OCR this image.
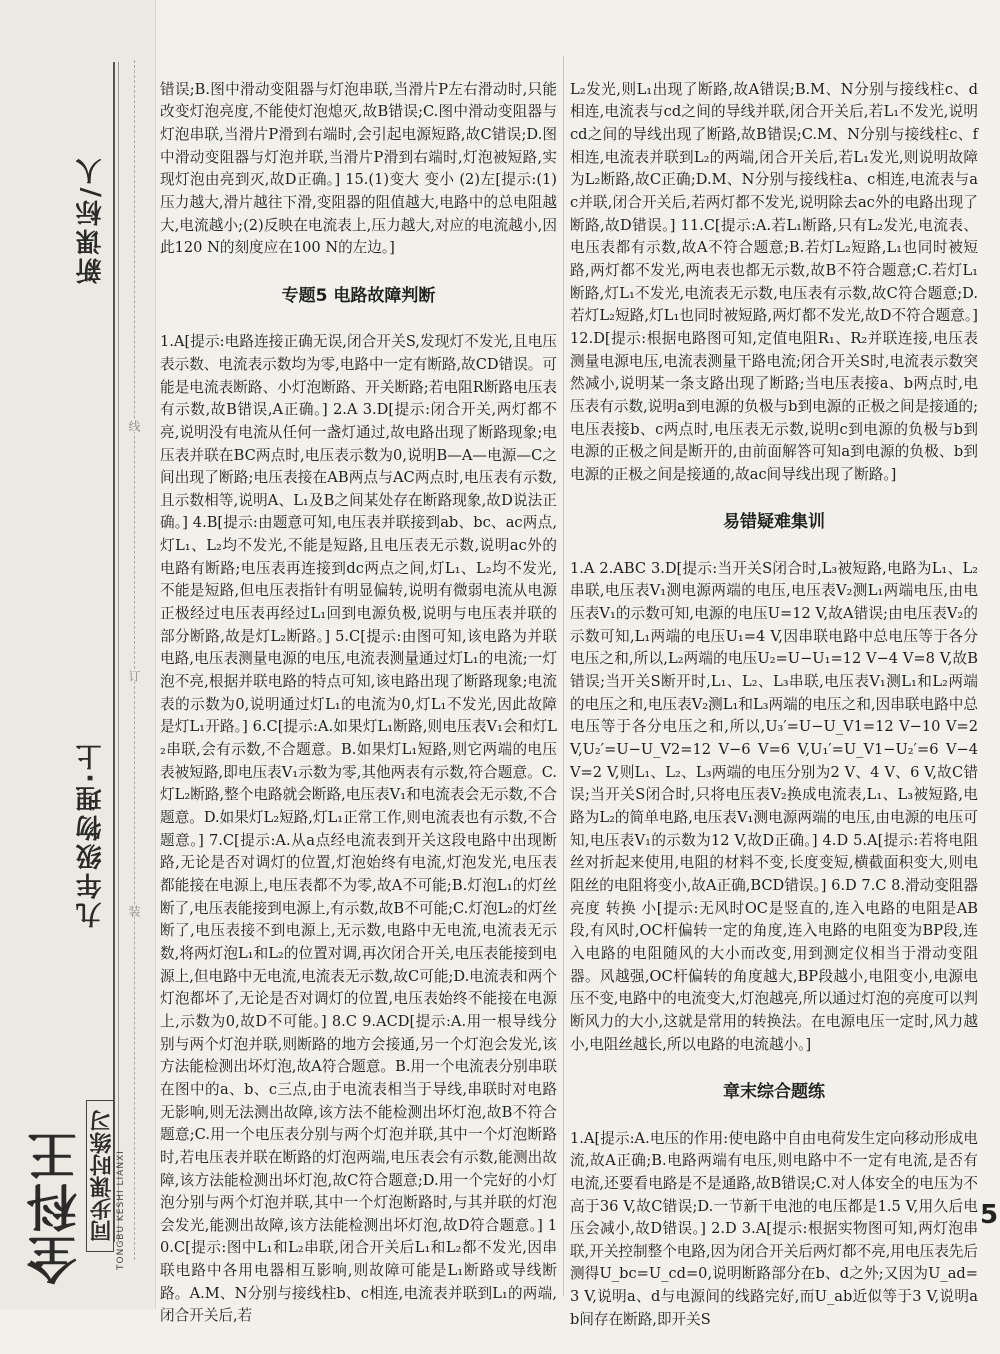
新课标/人
九年级物理·上 装
订
线
全科王 同步课时练习 TONGBU KESHI LIANXI

错误;B.图中滑动变阻器与灯泡串联,当滑片P左右滑动时,只能改变灯泡亮度,不能使灯泡熄灭,故B错误;C.图中滑动变阻器与灯泡串联,当滑片P滑到右端时,会引起电源短路,故C错误;D.图中滑动变阻器与灯泡并联,当滑片P滑到右端时,灯泡被短路,实现灯泡由亮到灭,故D正确。] 15.(1)变大 变小 (2)左[提示:(1)压力越大,滑片越往下滑,变阻器的阻值越大,电路中的总电阻越大,电流越小;(2)反映在电流表上,压力越大,对应的电流越小,因此120 N的刻度应在100 N的左边。]

专题5 电路故障判断

1.A[提示:电路连接正确无误,闭合开关S,发现灯不发光,且电压表示数、电流表示数均为零,电路中一定有断路,故CD错误。可能是电流表断路、小灯泡断路、开关断路;若电阻R断路电压表有示数,故B错误,A正确。] 2.A 3.D[提示:闭合开关,两灯都不亮,说明没有电流从任何一盏灯通过,故电路出现了断路现象;电压表并联在BC两点时,电压表示数为0,说明B—A—电源—C之间出现了断路;电压表接在AB两点与AC两点时,电压表有示数,且示数相等,说明A、L₁及B之间某处存在断路现象,故D说法正确。] 4.B[提示:由题意可知,电压表并联接到ab、bc、ac两点,灯L₁、L₂均不发光,不能是短路,且电压表无示数,说明ac外的电路有断路;电压表再连接到dc两点之间,灯L₁、L₂均不发光,不能是短路,但电压表指针有明显偏转,说明有微弱电流从电源正极经过电压表再经过L₁回到电源负极,说明与电压表并联的部分断路,故是灯L₂断路。] 5.C[提示:由图可知,该电路为并联电路,电压表测量电源的电压,电流表测量通过灯L₁的电流;一灯泡不亮,根据并联电路的特点可知,该电路出现了断路现象;电流表的示数为0,说明通过灯L₁的电流为0,灯L₁不发光,因此故障是灯L₁开路。] 6.C[提示:A.如果灯L₁断路,则电压表V₁会和灯L₂串联,会有示数,不合题意。B.如果灯L₁短路,则它两端的电压表被短路,即电压表V₁示数为零,其他两表有示数,符合题意。C.灯L₂断路,整个电路就会断路,电压表V₁和电流表会无示数,不合题意。D.如果灯L₂短路,灯L₁正常工作,则电流表也有示数,不合题意。] 7.C[提示:A.从a点经电流表到开关这段电路中出现断路,无论是否对调灯的位置,灯泡始终有电流,灯泡发光,电压表都能接在电源上,电压表都不为零,故A不可能;B.灯泡L₁的灯丝断了,电压表能接到电源上,有示数,故B不可能;C.灯泡L₂的灯丝断了,电压表接不到电源上,无示数,电路中无电流,电流表无示数,将两灯泡L₁和L₂的位置对调,再次闭合开关,电压表能接到电源上,但电路中无电流,电流表无示数,故C可能;D.电流表和两个灯泡都坏了,无论是否对调灯的位置,电压表始终不能接在电源上,示数为0,故D不可能。] 8.C 9.ACD[提示:A.用一根导线分别与两个灯泡并联,则断路的地方会接通,另一个灯泡会发光,该方法能检测出坏灯泡,故A符合题意。B.用一个电流表分别串联在图中的a、b、c三点,由于电流表相当于导线,串联时对电路无影响,则无法测出故障,该方法不能检测出坏灯泡,故B不符合题意;C.用一个电压表分别与两个灯泡并联,其中一个灯泡断路时,若电压表并联在断路的灯泡两端,电压表会有示数,能测出故障,该方法能检测出坏灯泡,故C符合题意;D.用一个完好的小灯泡分别与两个灯泡并联,其中一个灯泡断路时,与其并联的灯泡会发光,能测出故障,该方法能检测出坏灯泡,故D符合题意。] 10.C[提示:图中L₁和L₂串联,闭合开关后L₁和L₂都不发光,因串联电路中各用电器相互影响,则故障可能是L₁断路或导线断路。A.M、N分别与接线柱b、c相连,电流表并联到L₁的两端,闭合开关后,若

L₂发光,则L₁出现了断路,故A错误;B.M、N分别与接线柱c、d相连,电流表与cd之间的导线并联,闭合开关后,若L₁不发光,说明cd之间的导线出现了断路,故B错误;C.M、N分别与接线柱c、f相连,电流表并联到L₂的两端,闭合开关后,若L₁发光,则说明故障为L₂断路,故C正确;D.M、N分别与接线柱a、c相连,电流表与ac并联,闭合开关后,若两灯都不发光,说明除去ac外的电路出现了断路,故D错误。] 11.C[提示:A.若L₁断路,只有L₂发光,电流表、电压表都有示数,故A不符合题意;B.若灯L₂短路,L₁也同时被短路,两灯都不发光,两电表也都无示数,故B不符合题意;C.若灯L₁断路,灯L₁不发光,电流表无示数,电压表有示数,故C符合题意;D.若灯L₂短路,灯L₁也同时被短路,两灯都不发光,故D不符合题意。] 12.D[提示:根据电路图可知,定值电阻R₁、R₂并联连接,电压表测量电源电压,电流表测量干路电流;闭合开关S时,电流表示数突然减小,说明某一条支路出现了断路;当电压表接a、b两点时,电压表有示数,说明a到电源的负极与b到电源的正极之间是接通的;电压表接b、c两点时,电压表无示数,说明c到电源的负极与b到电源的正极之间是断开的,由前面解答可知a到电源的负极、b到电源的正极之间是接通的,故ac间导线出现了断路。]

易错疑难集训

1.A 2.ABC 3.D[提示:当开关S闭合时,L₃被短路,电路为L₁、L₂串联,电压表V₁测电源两端的电压,电压表V₂测L₁两端电压,由电压表V₁的示数可知,电源的电压U=12 V,故A错误;由电压表V₂的示数可知,L₁两端的电压U₁=4 V,因串联电路中总电压等于各分电压之和,所以,L₂两端的电压U₂=U−U₁=12 V−4 V=8 V,故B错误;当开关S断开时,L₁、L₂、L₃串联,电压表V₁测L₁和L₂两端的电压之和,电压表V₂测L₁和L₃两端的电压之和,因串联电路中总电压等于各分电压之和,所以,U₃′=U−U_V1=12 V−10 V=2 V,U₂′=U−U_V2=12 V−6 V=6 V,U₁′=U_V1−U₂′=6 V−4 V=2 V,则L₁、L₂、L₃两端的电压分别为2 V、4 V、6 V,故C错误;当开关S闭合时,只将电压表V₂换成电流表,L₁、L₃被短路,电路为L₂的简单电路,电压表V₁测电源两端的电压,由电源的电压可知,电压表V₁的示数为12 V,故D正确。] 4.D 5.A[提示:若将电阻丝对折起来使用,电阻的材料不变,长度变短,横截面积变大,则电阻丝的电阻将变小,故A正确,BCD错误。] 6.D 7.C 8.滑动变阻器 亮度 转换 小[提示:无风时OC是竖直的,连入电路的电阻是AB段,有风时,OC杆偏转一定的角度,连入电路的电阻变为BP段,连入电路的电阻随风的大小而改变,用到测定仪相当于滑动变阻器。风越强,OC杆偏转的角度越大,BP段越小,电阻变小,电源电压不变,电路中的电流变大,灯泡越亮,所以通过灯泡的亮度可以判断风力的大小,这就是常用的转换法。在电源电压一定时,风力越小,电阻丝越长,所以电路的电流越小。]

章末综合题练

1.A[提示:A.电压的作用:使电路中自由电荷发生定向移动形成电流,故A正确;B.电路两端有电压,则电路中不一定有电流,是否有电流,还要看电路是不是通路,故B错误;C.对人体安全的电压为不高于36 V,故C错误;D.一节新干电池的电压都是1.5 V,用久后电压会减小,故D错误。] 2.D 3.A[提示:根据实物图可知,两灯泡串联,开关控制整个电路,因为闭合开关后两灯都不亮,用电压表先后测得U_bc=U_cd=0,说明断路部分在b、d之外;又因为U_ad=3 V,说明a、d与电源间的线路完好,而U_ab近似等于3 V,说明ab间存在断路,即开关S

5
